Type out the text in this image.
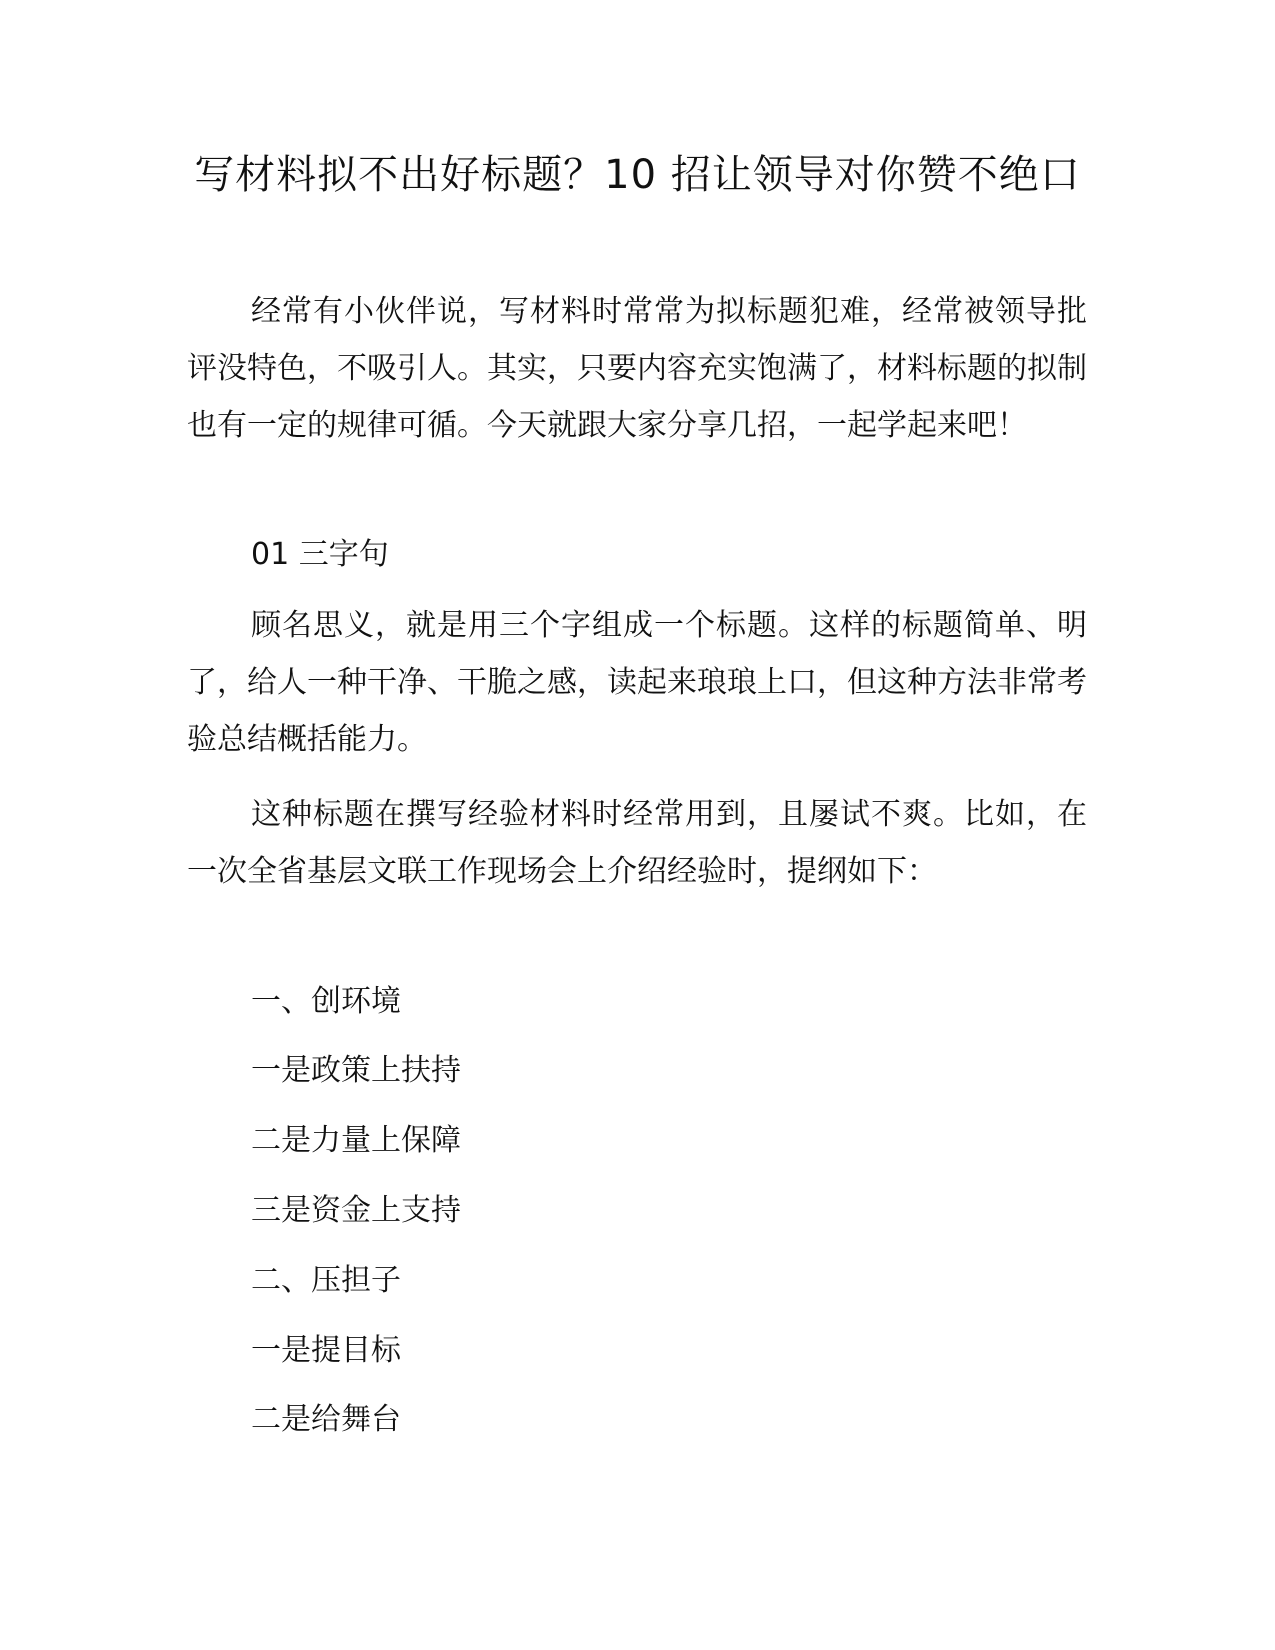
写材料拟不出好标题？10 招让领导对你赞不绝口

经常有小伙伴说，写材料时常常为拟标题犯难，经常被领导批评没特色，不吸引人。其实，只要内容充实饱满了，材料标题的拟制也有一定的规律可循。今天就跟大家分享几招，一起学起来吧！

01 三字句

顾名思义，就是用三个字组成一个标题。这样的标题简单、明了，给人一种干净、干脆之感，读起来琅琅上口，但这种方法非常考验总结概括能力。

这种标题在撰写经验材料时经常用到，且屡试不爽。比如，在一次全省基层文联工作现场会上介绍经验时，提纲如下：

一、创环境

一是政策上扶持

二是力量上保障

三是资金上支持

二、压担子

一是提目标

二是给舞台
